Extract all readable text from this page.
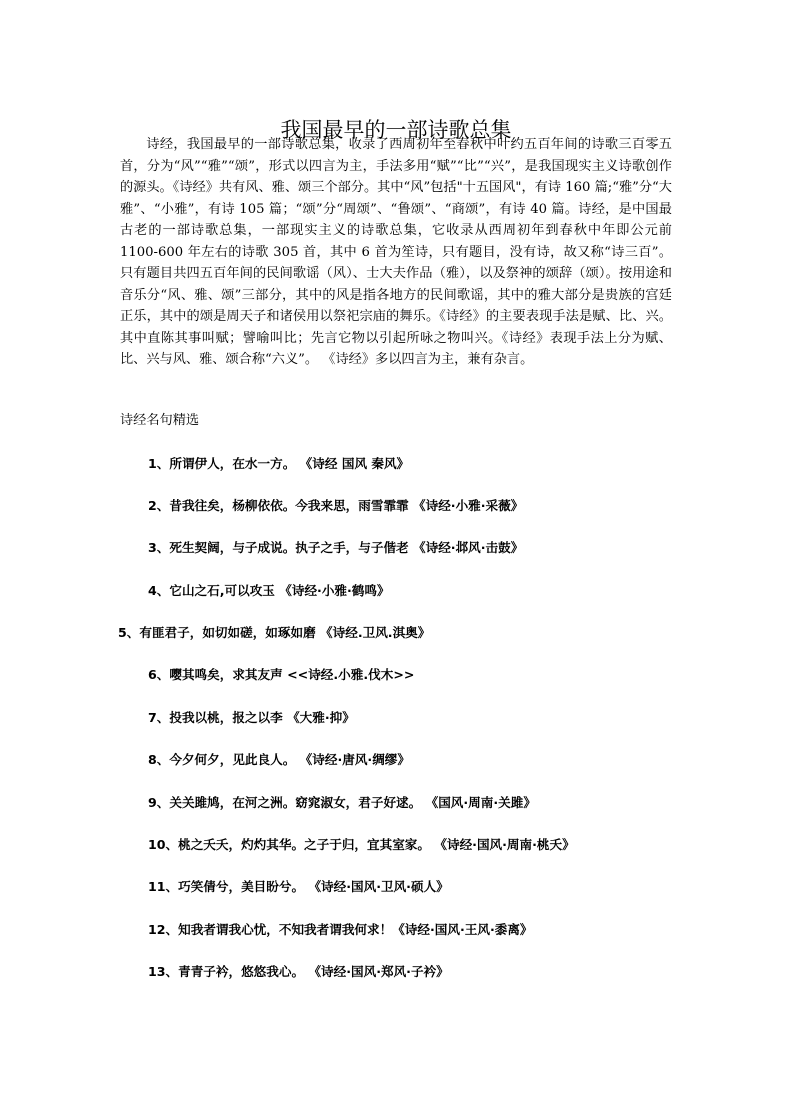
我国最早的一部诗歌总集

诗经，我国最早的一部诗歌总集，收录了西周初年至春秋中叶约五百年间的诗歌三百零五首，分为“风”“雅”“颂”，形式以四言为主，手法多用“赋”“比”“兴”，是我国现实主义诗歌创作的源头。《诗经》共有风、雅、颂三个部分。其中“风”包括"十五国风"，有诗 160 篇;“雅”分“大雅”、“小雅”，有诗 105 篇；“颂”分“周颂”、“鲁颂”、“商颂”，有诗 40 篇。诗经，是中国最古老的一部诗歌总集，一部现实主义的诗歌总集，它收录从西周初年到春秋中年即公元前 1100-600 年左右的诗歌 305 首，其中 6 首为笙诗，只有题目，没有诗，故又称“诗三百”。只有题目共四五百年间的民间歌谣（风）、士大夫作品（雅），以及祭神的颂辞（颂）。按用途和音乐分“风、雅、颂”三部分，其中的风是指各地方的民间歌谣，其中的雅大部分是贵族的宫廷正乐，其中的颂是周天子和诸侯用以祭祀宗庙的舞乐。《诗经》的主要表现手法是赋、比、兴。其中直陈其事叫赋；譬喻叫比；先言它物以引起所咏之物叫兴。《诗经》表现手法上分为赋、比、兴与风、雅、颂合称“六义”。 《诗经》多以四言为主，兼有杂言。

诗经名句精选
1、所谓伊人，在水一方。 《诗经 国风 秦风》
2、昔我往矣，杨柳依依。今我来思，雨雪霏霏 《诗经·小雅·采薇》
3、死生契阔，与子成说。执子之手，与子偕老 《诗经·邶风·击鼓》
4、它山之石,可以攻玉 《诗经·小雅·鹤鸣》
5、有匪君子，如切如磋，如琢如磨 《诗经.卫风.淇奥》
6、嘤其鸣矣，求其友声 <<诗经.小雅.伐木>>
7、投我以桃，报之以李 《大雅·抑》
8、今夕何夕，见此良人。 《诗经·唐风·绸缪》
9、关关雎鸠，在河之洲。窈窕淑女，君子好逑。 《国风·周南·关雎》
10、桃之夭夭，灼灼其华。之子于归，宜其室家。 《诗经·国风·周南·桃夭》
11、巧笑倩兮，美目盼兮。 《诗经·国风·卫风·硕人》
12、知我者谓我心忧，不知我者谓我何求！《诗经·国风·王风·黍离》
13、青青子衿，悠悠我心。 《诗经·国风·郑风·子衿》
